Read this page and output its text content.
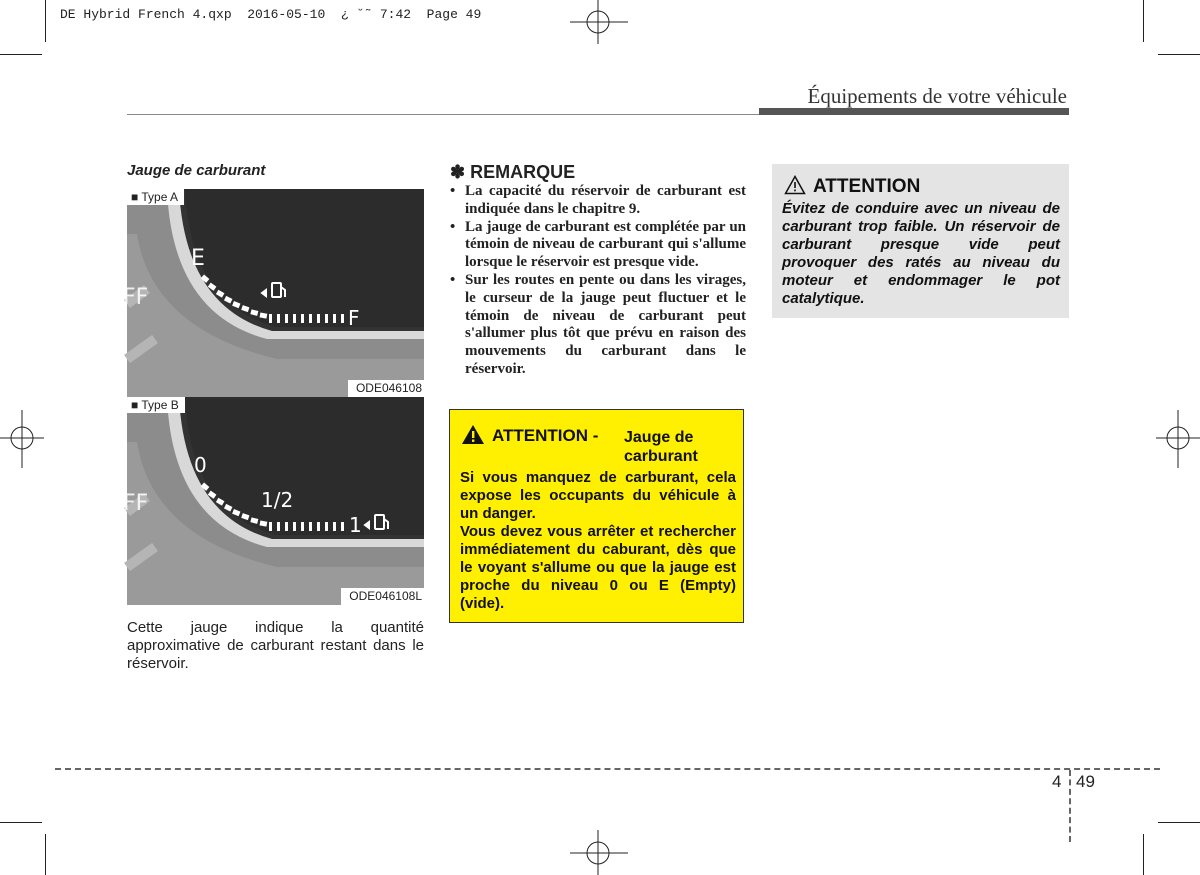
DE Hybrid French 4.qxp  2016-05-10  ¿ ˘˜ 7:42  Page 49
Équipements de votre véhicule
Jauge de carburant
E
F
FF
■ Type A
ODE046108
0
1/2
1
FF
■ Type B
ODE046108L
Cette jauge indique la quantité approximative de carburant restant dans le réservoir.
✽ REMARQUE
• La capacité du réservoir de carburant est indiquée dans le chapitre 9.
• La jauge de carburant est complétée par un témoin de niveau de carburant qui s'allume lorsque le réservoir est presque vide.
• Sur les routes en pente ou dans les virages, le curseur de la jauge peut fluctuer et le témoin de niveau de carburant peut s'allumer plus tôt que prévu en raison des mouvements du carburant dans le réservoir.
ATTENTION - Jauge de carburant

Si vous manquez de carburant, cela expose les occupants du véhicule à un danger.

Vous devez vous arrêter et rechercher immédiatement du caburant, dès que le voyant s'allume ou que la jauge est proche du niveau 0 ou E (Empty) (vide).

ATTENTION
Évitez de conduire avec un niveau de carburant trop faible. Un réservoir de carburant presque vide peut provoquer des ratés au niveau du moteur et endommager le pot catalytique.
4 49
